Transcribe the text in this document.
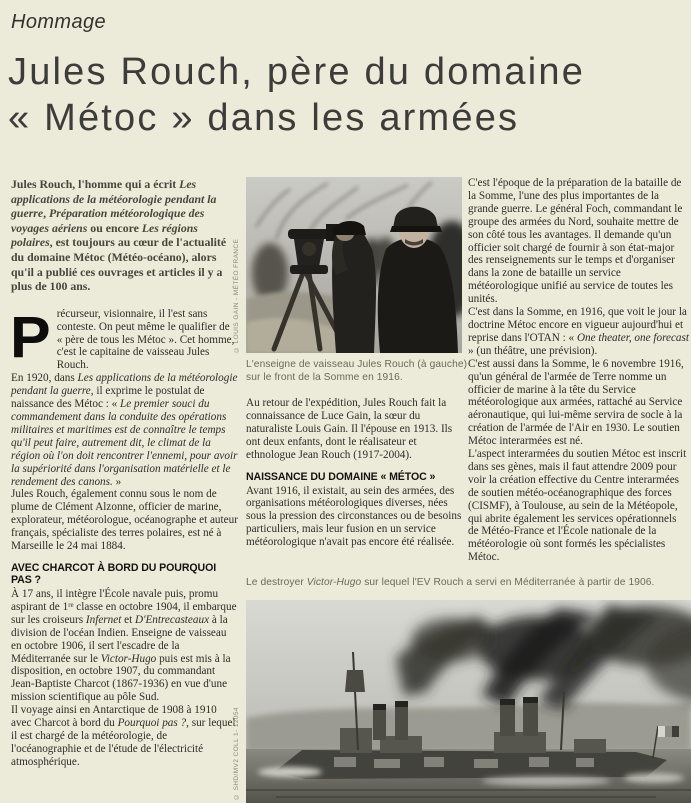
Hommage
Jules Rouch, père du domaine
« Métoc » dans les armées

Jules Rouch, l'homme qui a écrit Les applications de la météorologie pendant la guerre, Préparation météorologique des voyages aériens ou encore Les régions polaires, est toujours au cœur de l'actualité du domaine Métoc (Météo-océano), alors qu'il a publié ces ouvrages et articles il y a plus de 100 ans.

Précurseur, visionnaire, il l'est sans conteste. On peut même le qualifier de « père de tous les Métoc ». Cet homme, c'est le capitaine de vaisseau Jules Rouch.

En 1920, dans Les applications de la météorologie pendant la guerre, il exprime le postulat de naissance des Métoc : « Le premier souci du commandement dans la conduite des opérations militaires et maritimes est de connaître le temps qu'il peut faire, autrement dit, le climat de la région où l'on doit rencontrer l'ennemi, pour avoir la supériorité dans l'organisation matérielle et le rendement des canons. »

Jules Rouch, également connu sous le nom de plume de Clément Alzonne, officier de marine, explorateur, météorologue, océanographe et auteur français, spécialiste des terres polaires, est né à Marseille le 24 mai 1884.

AVEC CHARCOT À BORD DU POURQUOI PAS ?

À 17 ans, il intègre l'École navale puis, promu aspirant de 1ʳᵉ classe en octobre 1904, il embarque sur les croiseurs Infernet et D'Entrecasteaux à la division de l'océan Indien. Enseigne de vaisseau en octobre 1906, il sert l'escadre de la Méditerranée sur le Victor-Hugo puis est mis à la disposition, en octobre 1907, du commandant Jean-Baptiste Charcot (1867-1936) en vue d'une mission scientifique au pôle Sud.

Il voyage ainsi en Antarctique de 1908 à 1910 avec Charcot à bord du Pourquoi pas ?, sur lequel il est chargé de la météorologie, de l'océanographie et de l'étude de l'électricité atmosphérique.

© LOUIS GAIN - MÉTÉO FRANCE
L'enseigne de vaisseau Jules Rouch (à gauche) sur le front de la Somme en 1916.

Au retour de l'expédition, Jules Rouch fait la connaissance de Luce Gain, la sœur du naturaliste Louis Gain. Il l'épouse en 1913. Ils ont deux enfants, dont le réalisateur et ethnologue Jean Rouch (1917-2004).

NAISSANCE DU DOMAINE « MÉTOC »

Avant 1916, il existait, au sein des armées, des organisations météorologiques diverses, nées sous la pression des circonstances ou de besoins particuliers, mais leur fusion en un service météorologique n'avait pas encore été réalisée.

C'est l'époque de la préparation de la bataille de la Somme, l'une des plus importantes de la grande guerre. Le général Foch, commandant le groupe des armées du Nord, souhaite mettre de son côté tous les avantages. Il demande qu'un officier soit chargé de fournir à son état-major des renseignements sur le temps et d'organiser dans la zone de bataille un service météorologique unifié au service de toutes les unités.

C'est dans la Somme, en 1916, que voit le jour la doctrine Métoc encore en vigueur aujourd'hui et reprise dans l'OTAN : « One theater, one forecast » (un théâtre, une prévision).

C'est aussi dans la Somme, le 6 novembre 1916, qu'un général de l'armée de Terre nomme un officier de marine à la tête du Service météorologique aux armées, rattaché au Service aéronautique, qui lui-même servira de socle à la création de l'armée de l'Air en 1930. Le soutien Métoc interarmées est né.

L'aspect interarmées du soutien Métoc est inscrit dans ses gènes, mais il faut attendre 2009 pour voir la création effective du Centre interarmées de soutien météo-océanographique des forces (CISMF), à Toulouse, au sein de la Météopole, qui abrite également les services opérationnels de Météo-France et l'École nationale de la météorologie où sont formés les spécialistes Métoc.

Le destroyer Victor-Hugo sur lequel l'EV Rouch a servi en Méditerranée à partir de 1906.
© SHD/MV2 COLL 1- 12054
